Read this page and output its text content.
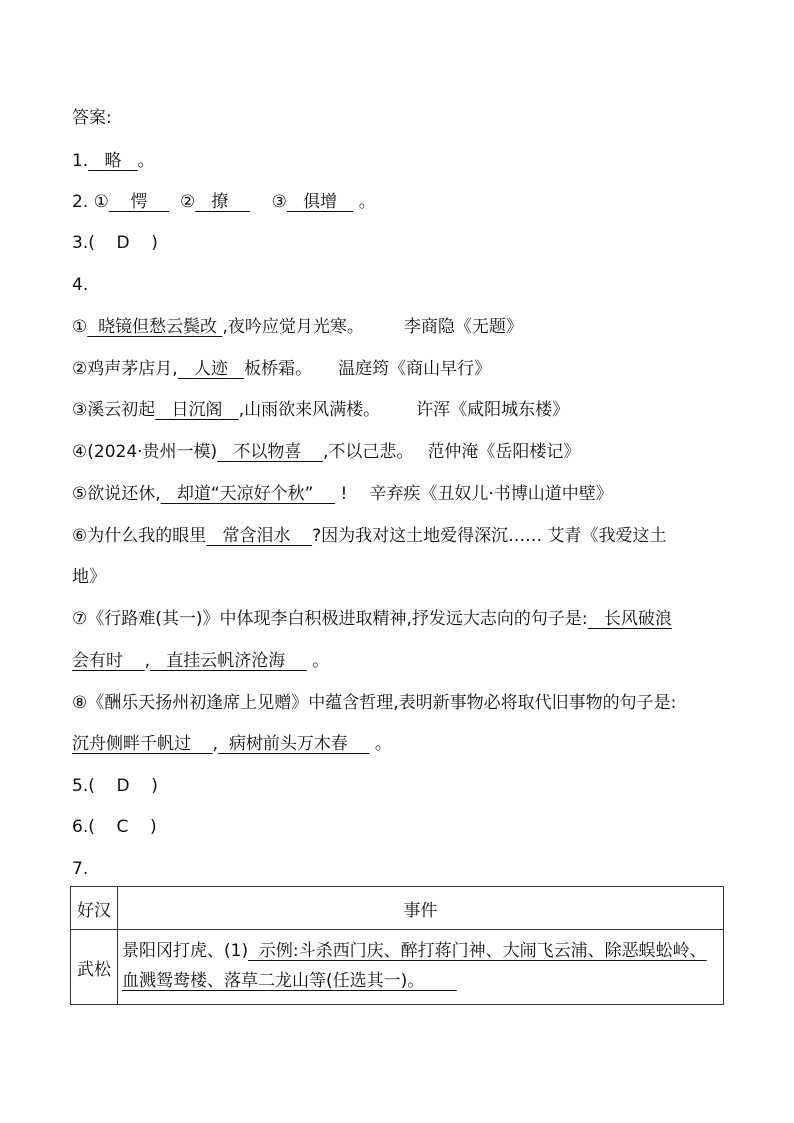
答案:
1. 略 。
2. ① 愕 ② 撩	③ 俱增 。
3.( D )
4.
① 晓镜但愁云鬓改 ,夜吟应觉月光寒。 李商隐《无题》
②鸡声茅店月, 人迹 板桥霜。 温庭筠《商山早行》
③溪云初起 日沉阁 ,山雨欲来风满楼。 许浑《咸阳城东楼》
④(2024·贵州一模) 不以物喜 ,不以己悲。 范仲淹《岳阳楼记》
⑤欲说还休, 却道“天凉好个秋” ! 辛弃疾《丑奴儿·书博山道中壁》
⑥为什么我的眼里 常含泪水 ?因为我对这土地爱得深沉…… 艾青《我爱这土
地》
⑦《行路难(其一)》中体现李白积极进取精神,抒发远大志向的句子是: 长风破浪
会有时 , 直挂云帆济沧海 。
⑧《酬乐天扬州初逢席上见赠》中蕴含哲理,表明新事物必将取代旧事物的句子是:
沉舟侧畔千帆过 , 病树前头万木春 。
5.( D )
6.( C )
7.
好汉	事件
武松	景阳冈打虎、(1) 示例:斗杀西门庆、醉打蒋门神、大闹飞云浦、除恶蜈蚣岭、血溅鸳鸯楼、落草二龙山等(任选其一)。
